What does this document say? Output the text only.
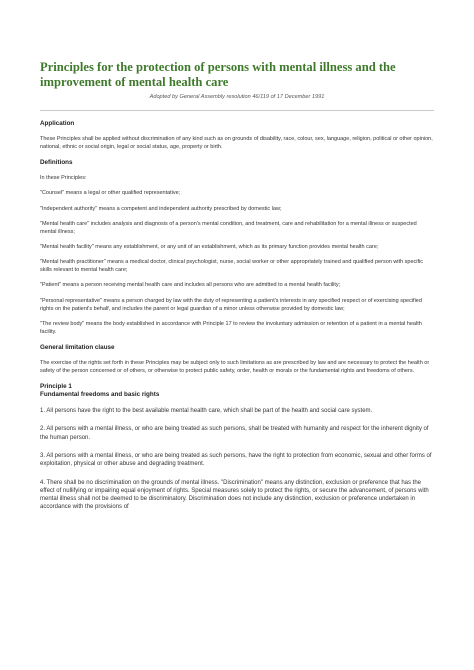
Principles for the protection of persons with mental illness and the improvement of mental health care
Adopted by General Assembly resolution 46/119 of 17 December 1991
Application

These Principles shall be applied without discrimination of any kind such as on grounds of disability, race, colour, sex, language, religion, political or other opinion, national, ethnic or social origin, legal or social status, age, property or birth.

Definitions

In these Principles:

"Counsel" means a legal or other qualified representative;

"Independent authority" means a competent and independent authority prescribed by domestic law;

"Mental health care" includes analysis and diagnosis of a person's mental condition, and treatment, care and rehabilitation for a mental illness or suspected mental illness;

"Mental health facility" means any establishment, or any unit of an establishment, which as its primary function provides mental health care;

"Mental health practitioner" means a medical doctor, clinical psychologist, nurse, social worker or other appropriately trained and qualified person with specific skills relevant to mental health care;

"Patient" means a person receiving mental health care and includes all persons who are admitted to a mental health facility;

"Personal representative" means a person charged by law with the duty of representing a patient's interests in any specified respect or of exercising specified rights on the patient's behalf, and includes the parent or legal guardian of a minor unless otherwise provided by domestic law;

"The review body" means the body established in accordance with Principle 17 to review the involuntary admission or retention of a patient in a mental health facility.

General limitation clause

The exercise of the rights set forth in these Principles may be subject only to such limitations as are prescribed by law and are necessary to protect the health or safety of the person concerned or of others, or otherwise to protect public safety, order, health or morals or the fundamental rights and freedoms of others.

Principle 1
Fundamental freedoms and basic rights

1. All persons have the right to the best available mental health care, which shall be part of the health and social care system.

2. All persons with a mental illness, or who are being treated as such persons, shall be treated with humanity and respect for the inherent dignity of the human person.

3. All persons with a mental illness, or who are being treated as such persons, have the right to protection from economic, sexual and other forms of exploitation, physical or other abuse and degrading treatment.

4. There shall be no discrimination on the grounds of mental illness. "Discrimination" means any distinction, exclusion or preference that has the effect of nullifying or impairing equal enjoyment of rights. Special measures solely to protect the rights, or secure the advancement, of persons with mental illness shall not be deemed to be discriminatory. Discrimination does not include any distinction, exclusion or preference undertaken in accordance with the provisions of
